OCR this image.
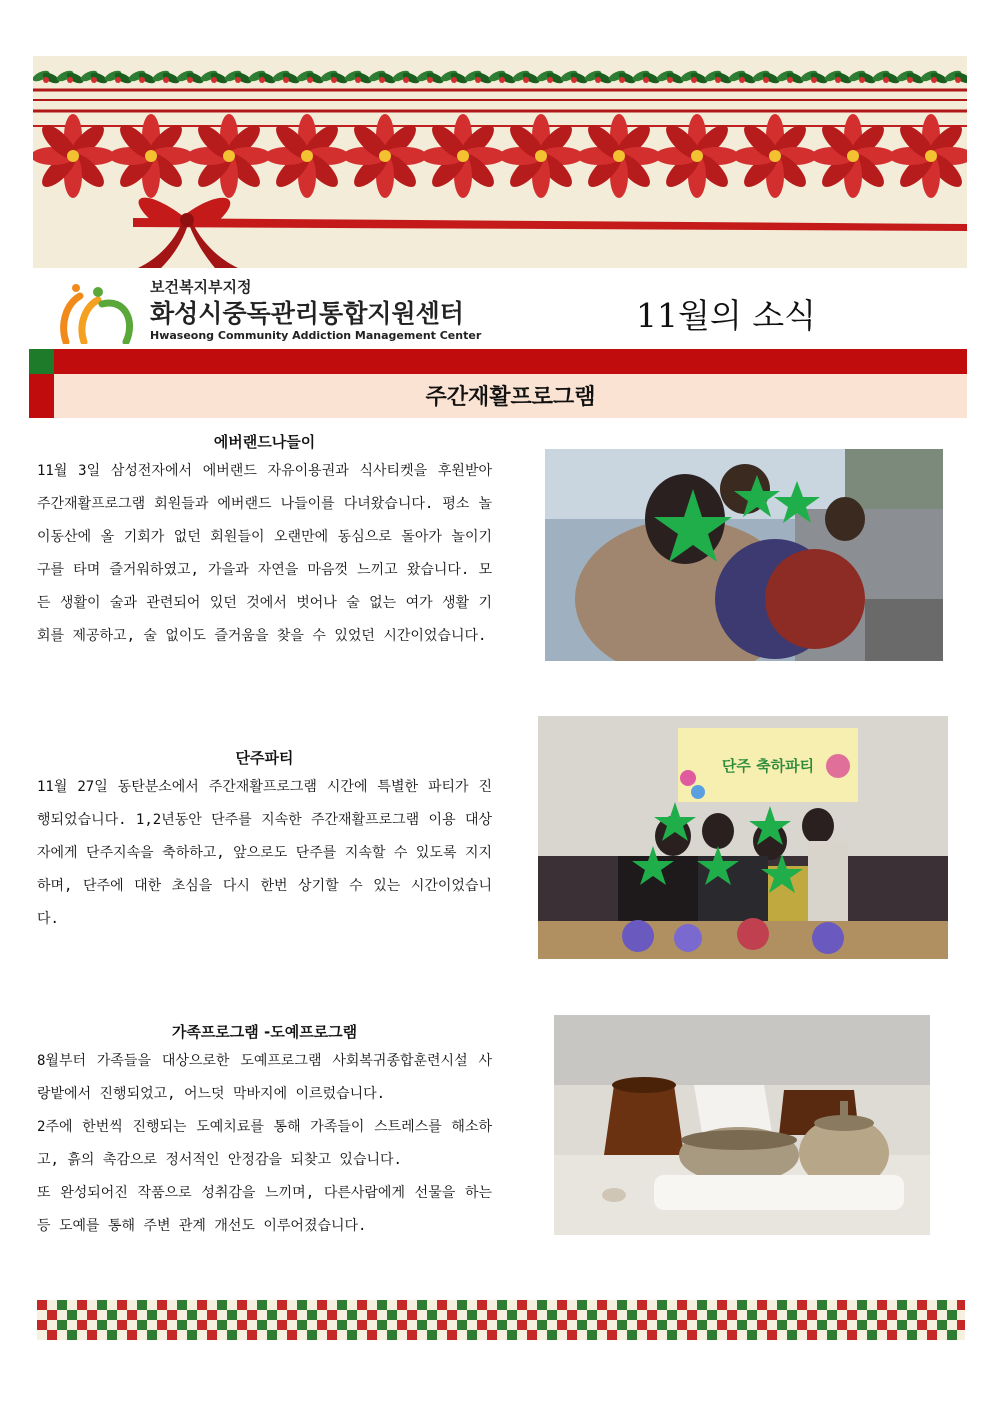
보건복지부지정
화성시중독관리통합지원센터
Hwaseong Community Addiction Management Center
11월의 소식
주간재활프로그램
에버랜드나들이
11월 3일 삼성전자에서 에버랜드 자유이용권과 식사티켓을 후원받아 주간재활프로그램 회원들과 에버랜드 나들이를 다녀왔습니다. 평소 놀이동산에 올 기회가 없던 회원들이 오랜만에 동심으로 돌아가 놀이기구를 타며 즐거워하였고, 가을과 자연을 마음껏 느끼고 왔습니다. 모든 생활이 술과 관련되어 있던 것에서 벗어나 술 없는 여가 생활 기회를 제공하고, 술 없이도 즐거움을 찾을 수 있었던 시간이었습니다.
단주파티
11월 27일 동탄분소에서 주간재활프로그램 시간에 특별한 파티가 진행되었습니다. 1,2년동안 단주를 지속한 주간재활프로그램 이용 대상자에게 단주지속을 축하하고, 앞으로도 단주를 지속할 수 있도록 지지하며, 단주에 대한 초심을 다시 한번 상기할 수 있는 시간이었습니다.
단주 축하파티
가족프로그램 -도예프로그램
8월부터 가족들을 대상으로한 도예프로그램 사회복귀종합훈련시설 사랑밭에서 진행되었고, 어느덧 막바지에 이르렀습니다.
2주에 한번씩 진행되는 도예치료를 통해 가족들이 스트레스를 해소하고, 흙의 촉감으로 정서적인 안정감을 되찾고 있습니다.
또 완성되어진 작품으로 성취감을 느끼며, 다른사람에게 선물을 하는 등 도예를 통해 주변 관계 개선도 이루어졌습니다.
